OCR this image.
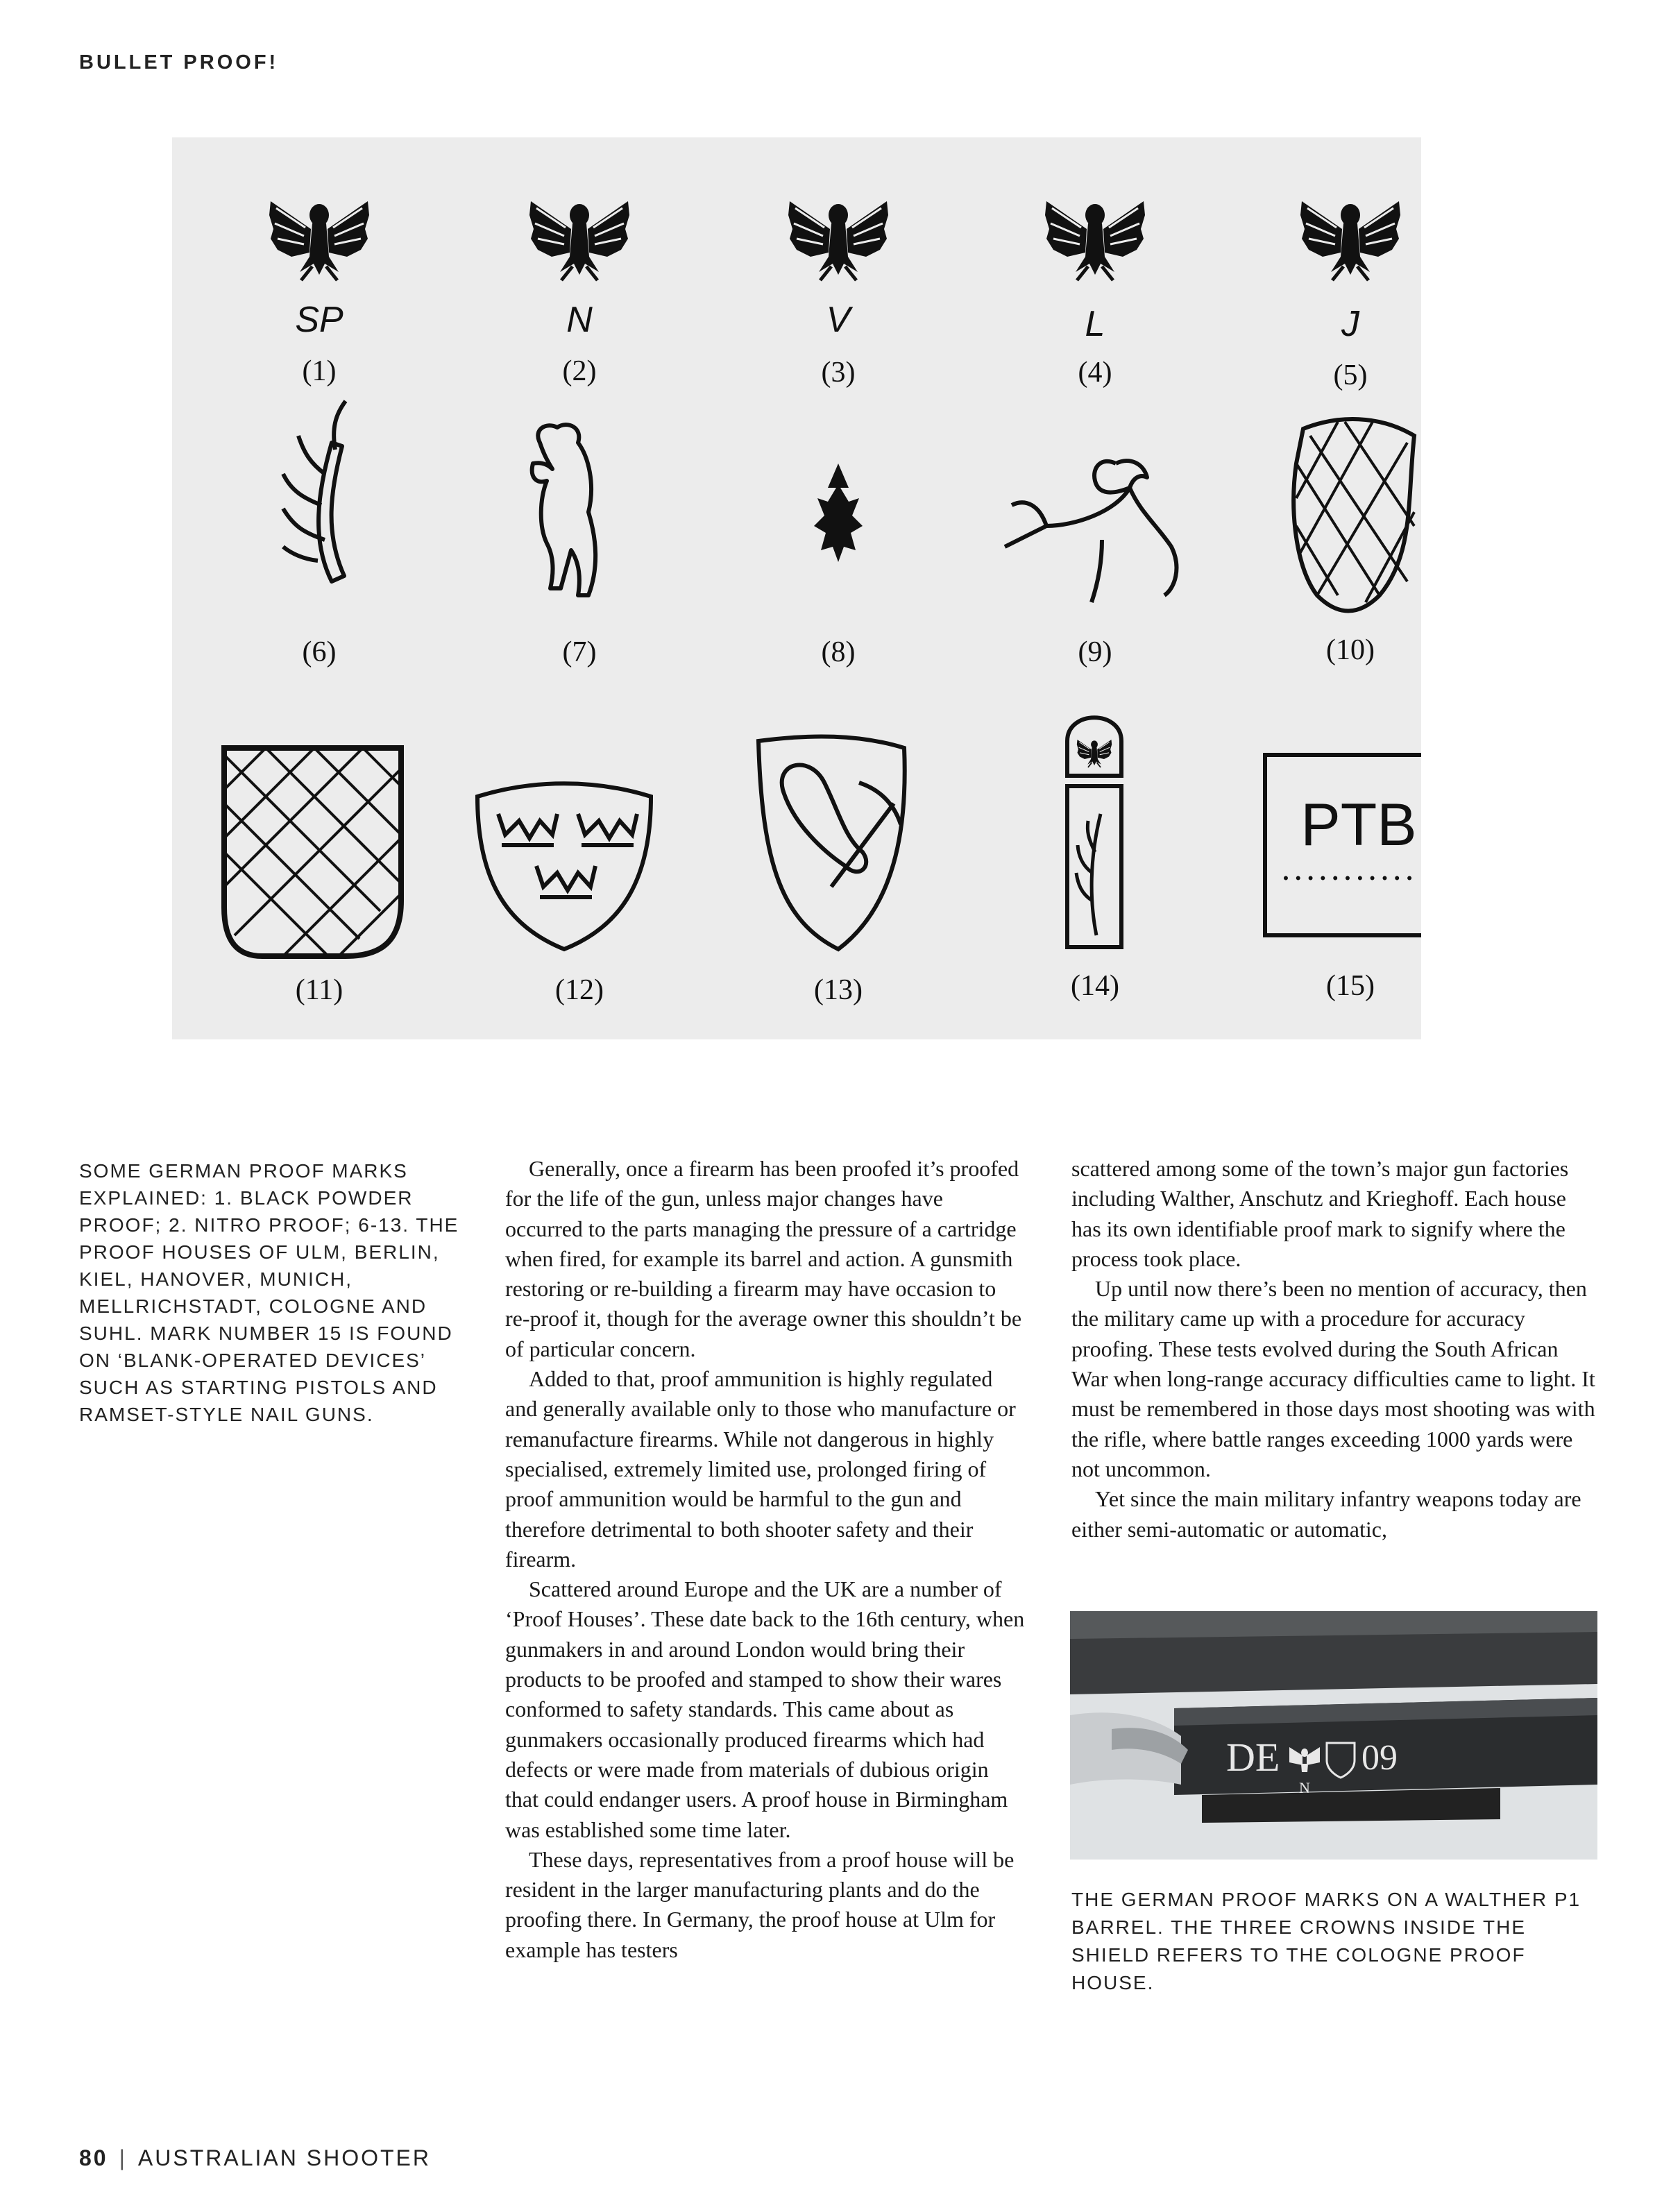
BULLET PROOF!
SP	N	V	L	J
PTB
• • • • • • • • • • •
(1)	(2)	(3)	(4)	(5)
(6)	(7)	(8)	(9)	(10)
(11)	(12)	(13)	(14)	(15)
SOME GERMAN PROOF MARKS EXPLAINED: 1. BLACK POWDER PROOF; 2. NITRO PROOF; 6-13. THE PROOF HOUSES OF ULM, BERLIN, KIEL, HANOVER, MUNICH, MELLRICHSTADT, COLOGNE AND SUHL. MARK NUMBER 15 IS FOUND ON ‘BLANK-OPERATED DEVICES’ SUCH AS STARTING PISTOLS AND RAMSET-STYLE NAIL GUNS.

Generally, once a firearm has been proofed it’s proofed for the life of the gun, unless major changes have occurred to the parts managing the pressure of a cartridge when fired, for example its barrel and action. A gunsmith restoring or re-building a firearm may have occasion to re-proof it, though for the average owner this shouldn’t be of particular concern.

Added to that, proof ammunition is highly regulated and generally available only to those who manufacture or remanufacture firearms. While not dangerous in highly specialised, extremely limited use, prolonged firing of proof ammunition would be harmful to the gun and therefore detrimental to both shooter safety and their firearm.

Scattered around Europe and the UK are a number of ‘Proof Houses’. These date back to the 16th century, when gunmakers in and around London would bring their products to be proofed and stamped to show their wares conformed to safety standards. This came about as gunmakers occasionally produced firearms which had defects or were made from materials of dubious origin that could endanger users. A proof house in Birmingham was established some time later.

These days, representatives from a proof house will be resident in the larger manufacturing plants and do the proofing there. In Germany, the proof house at Ulm for example has testers

scattered among some of the town’s major gun factories including Walther, Anschutz and Krieghoff. Each house has its own identifiable proof mark to signify where the process took place.

Up until now there’s been no mention of accuracy, then the military came up with a procedure for accuracy proofing. These tests evolved during the South African War when long-range accuracy difficulties came to light. It must be remembered in those days most shooting was with the rifle, where battle ranges exceeding 1000 yards were not uncommon.

Yet since the main military infantry weapons today are either semi-automatic or automatic,

DE
N
09
THE GERMAN PROOF MARKS ON A WALTHER P1 BARREL. THE THREE CROWNS INSIDE THE SHIELD REFERS TO THE COLOGNE PROOF HOUSE.
80 | AUSTRALIAN SHOOTER
